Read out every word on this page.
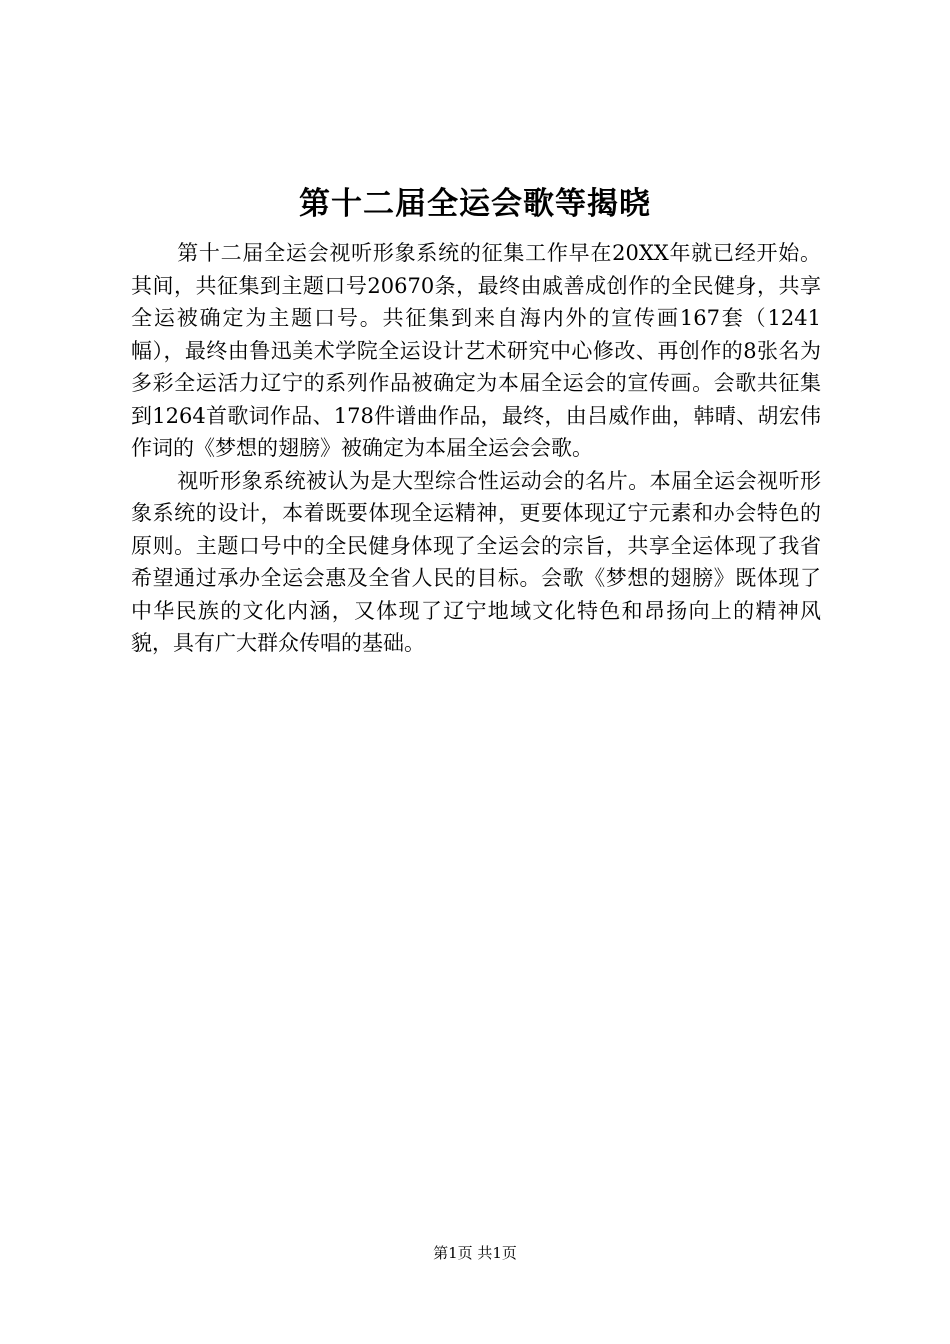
第十二届全运会歌等揭晓

第十二届全运会视听形象系统的征集工作早在20XX年就已经开始。其间，共征集到主题口号20670条，最终由戚善成创作的全民健身，共享全运被确定为主题口号。共征集到来自海内外的宣传画167套（1241幅），最终由鲁迅美术学院全运设计艺术研究中心修改、再创作的8张名为多彩全运活力辽宁的系列作品被确定为本届全运会的宣传画。会歌共征集到1264首歌词作品、178件谱曲作品，最终，由吕威作曲，韩晴、胡宏伟作词的《梦想的翅膀》被确定为本届全运会会歌。

视听形象系统被认为是大型综合性运动会的名片。本届全运会视听形象系统的设计，本着既要体现全运精神，更要体现辽宁元素和办会特色的原则。主题口号中的全民健身体现了全运会的宗旨，共享全运体现了我省希望通过承办全运会惠及全省人民的目标。会歌《梦想的翅膀》既体现了中华民族的文化内涵，又体现了辽宁地域文化特色和昂扬向上的精神风貌，具有广大群众传唱的基础。

第1页 共1页
